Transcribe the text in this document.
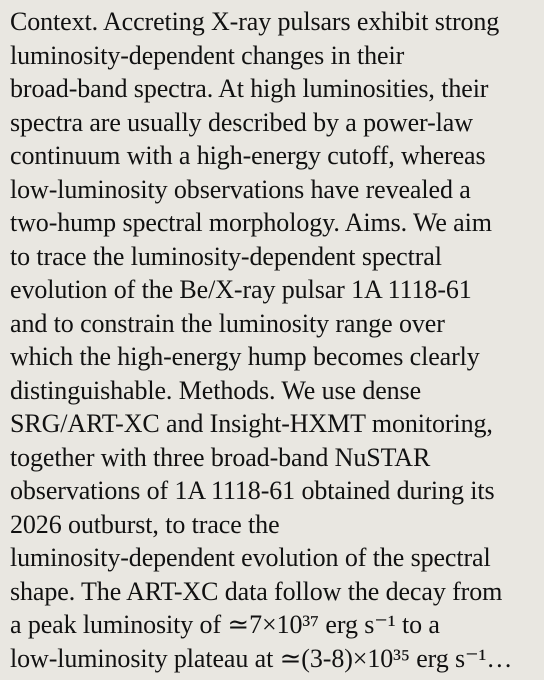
Context. Accreting X-ray pulsars exhibit strong
luminosity-dependent changes in their
broad-band spectra. At high luminosities, their
spectra are usually described by a power-law
continuum with a high-energy cutoff, whereas
low-luminosity observations have revealed a
two-hump spectral morphology. Aims. We aim
to trace the luminosity-dependent spectral
evolution of the Be/X-ray pulsar 1A 1118-61
and to constrain the luminosity range over
which the high-energy hump becomes clearly
distinguishable. Methods. We use dense
SRG/ART-XC and Insight-HXMT monitoring,
together with three broad-band NuSTAR
observations of 1A 1118-61 obtained during its
2026 outburst, to trace the
luminosity-dependent evolution of the spectral
shape. The ART-XC data follow the decay from
a peak luminosity of ≃7×10³⁷ erg s⁻¹ to a
low-luminosity plateau at ≃(3-8)×10³⁵ erg s⁻¹…
